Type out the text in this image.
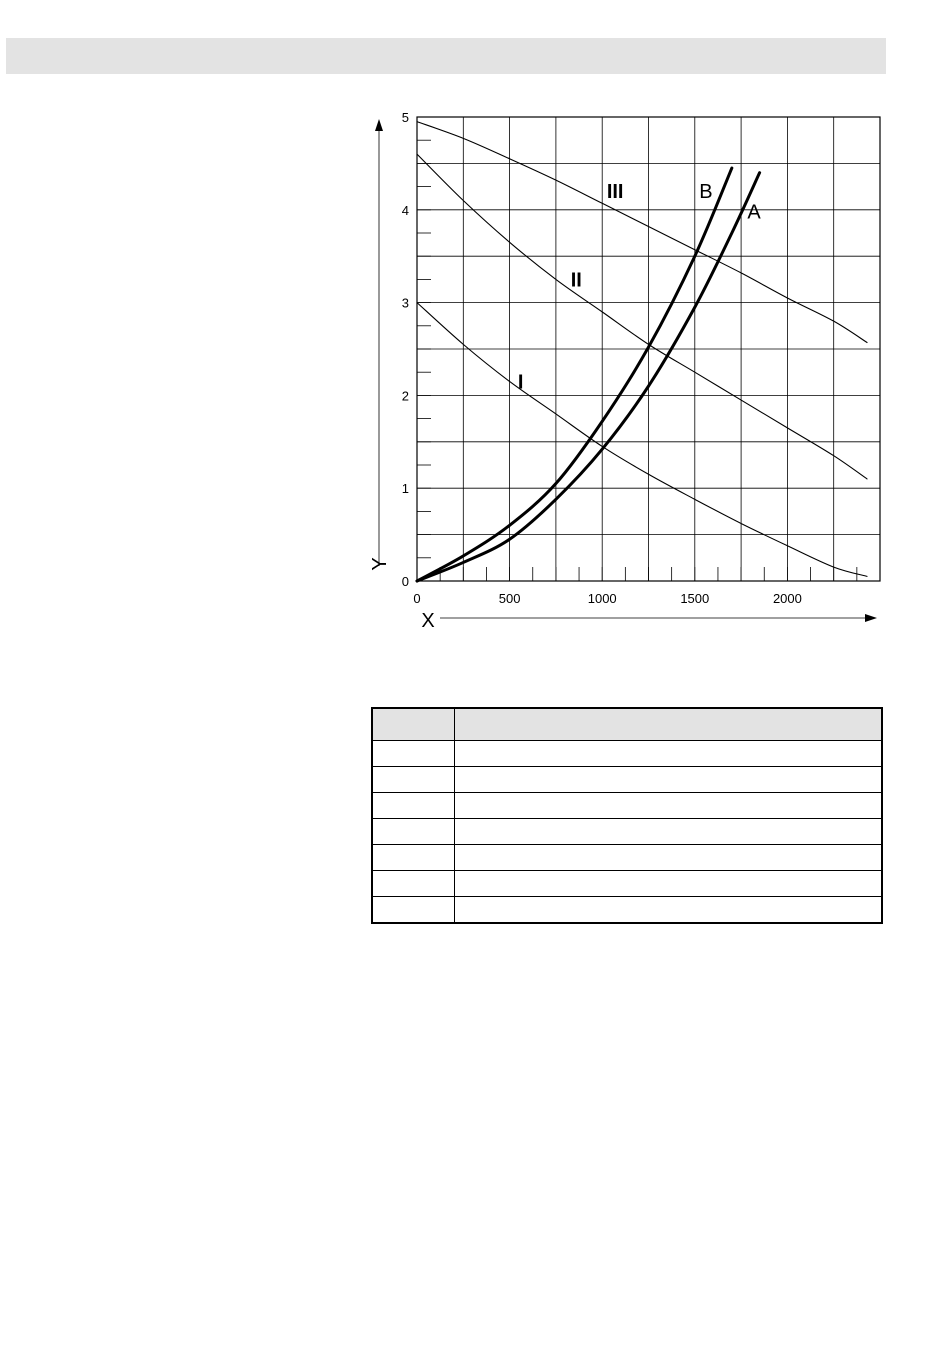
0	500	1000	1500	2000
0
1
2
3
4
5
X
Y
III
II
I
B
A
